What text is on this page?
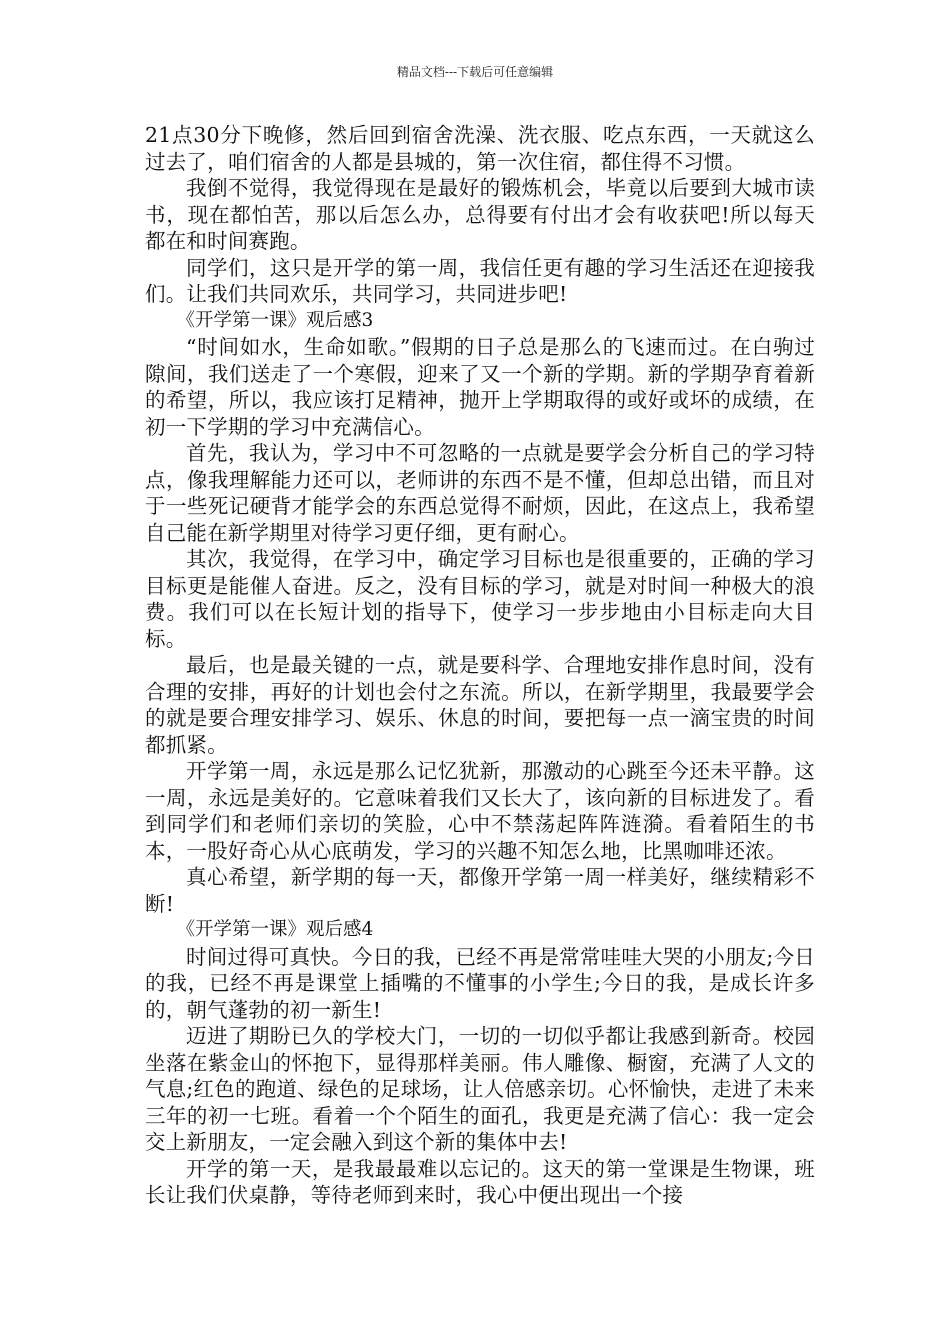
精品文档---下载后可任意编辑

21点30分下晚修，然后回到宿舍洗澡、洗衣服、吃点东西，一天就这么过去了，咱们宿舍的人都是县城的，第一次住宿，都住得不习惯。

我倒不觉得，我觉得现在是最好的锻炼机会，毕竟以后要到大城市读书，现在都怕苦，那以后怎么办，总得要有付出才会有收获吧!所以每天都在和时间赛跑。

同学们，这只是开学的第一周，我信任更有趣的学习生活还在迎接我们。让我们共同欢乐，共同学习，共同进步吧!

《开学第一课》观后感3

“时间如水，生命如歌。”假期的日子总是那么的飞速而过。在白驹过隙间，我们送走了一个寒假，迎来了又一个新的学期。新的学期孕育着新的希望，所以，我应该打足精神，抛开上学期取得的或好或坏的成绩，在初一下学期的学习中充满信心。

首先，我认为，学习中不可忽略的一点就是要学会分析自己的学习特点，像我理解能力还可以，老师讲的东西不是不懂，但却总出错，而且对于一些死记硬背才能学会的东西总觉得不耐烦，因此，在这点上，我希望自己能在新学期里对待学习更仔细，更有耐心。

其次，我觉得，在学习中，确定学习目标也是很重要的，正确的学习目标更是能催人奋进。反之，没有目标的学习，就是对时间一种极大的浪费。我们可以在长短计划的指导下，使学习一步步地由小目标走向大目标。

最后，也是最关键的一点，就是要科学、合理地安排作息时间，没有合理的安排，再好的计划也会付之东流。所以，在新学期里，我最要学会的就是要合理安排学习、娱乐、休息的时间，要把每一点一滴宝贵的时间都抓紧。

开学第一周，永远是那么记忆犹新，那激动的心跳至今还未平静。这一周，永远是美好的。它意味着我们又长大了，该向新的目标进发了。看到同学们和老师们亲切的笑脸，心中不禁荡起阵阵涟漪。看着陌生的书本，一股好奇心从心底萌发，学习的兴趣不知怎么地，比黑咖啡还浓。

真心希望，新学期的每一天，都像开学第一周一样美好，继续精彩不断!

《开学第一课》观后感4

时间过得可真快。今日的我，已经不再是常常哇哇大哭的小朋友;今日的我，已经不再是课堂上插嘴的不懂事的小学生;今日的我，是成长许多的，朝气蓬勃的初一新生!

迈进了期盼已久的学校大门，一切的一切似乎都让我感到新奇。校园坐落在紫金山的怀抱下，显得那样美丽。伟人雕像、橱窗，充满了人文的气息;红色的跑道、绿色的足球场，让人倍感亲切。心怀愉快，走进了未来三年的初一七班。看着一个个陌生的面孔，我更是充满了信心：我一定会交上新朋友，一定会融入到这个新的集体中去!

开学的第一天，是我最最难以忘记的。这天的第一堂课是生物课，班长让我们伏桌静，等待老师到来时，我心中便出现出一个接
